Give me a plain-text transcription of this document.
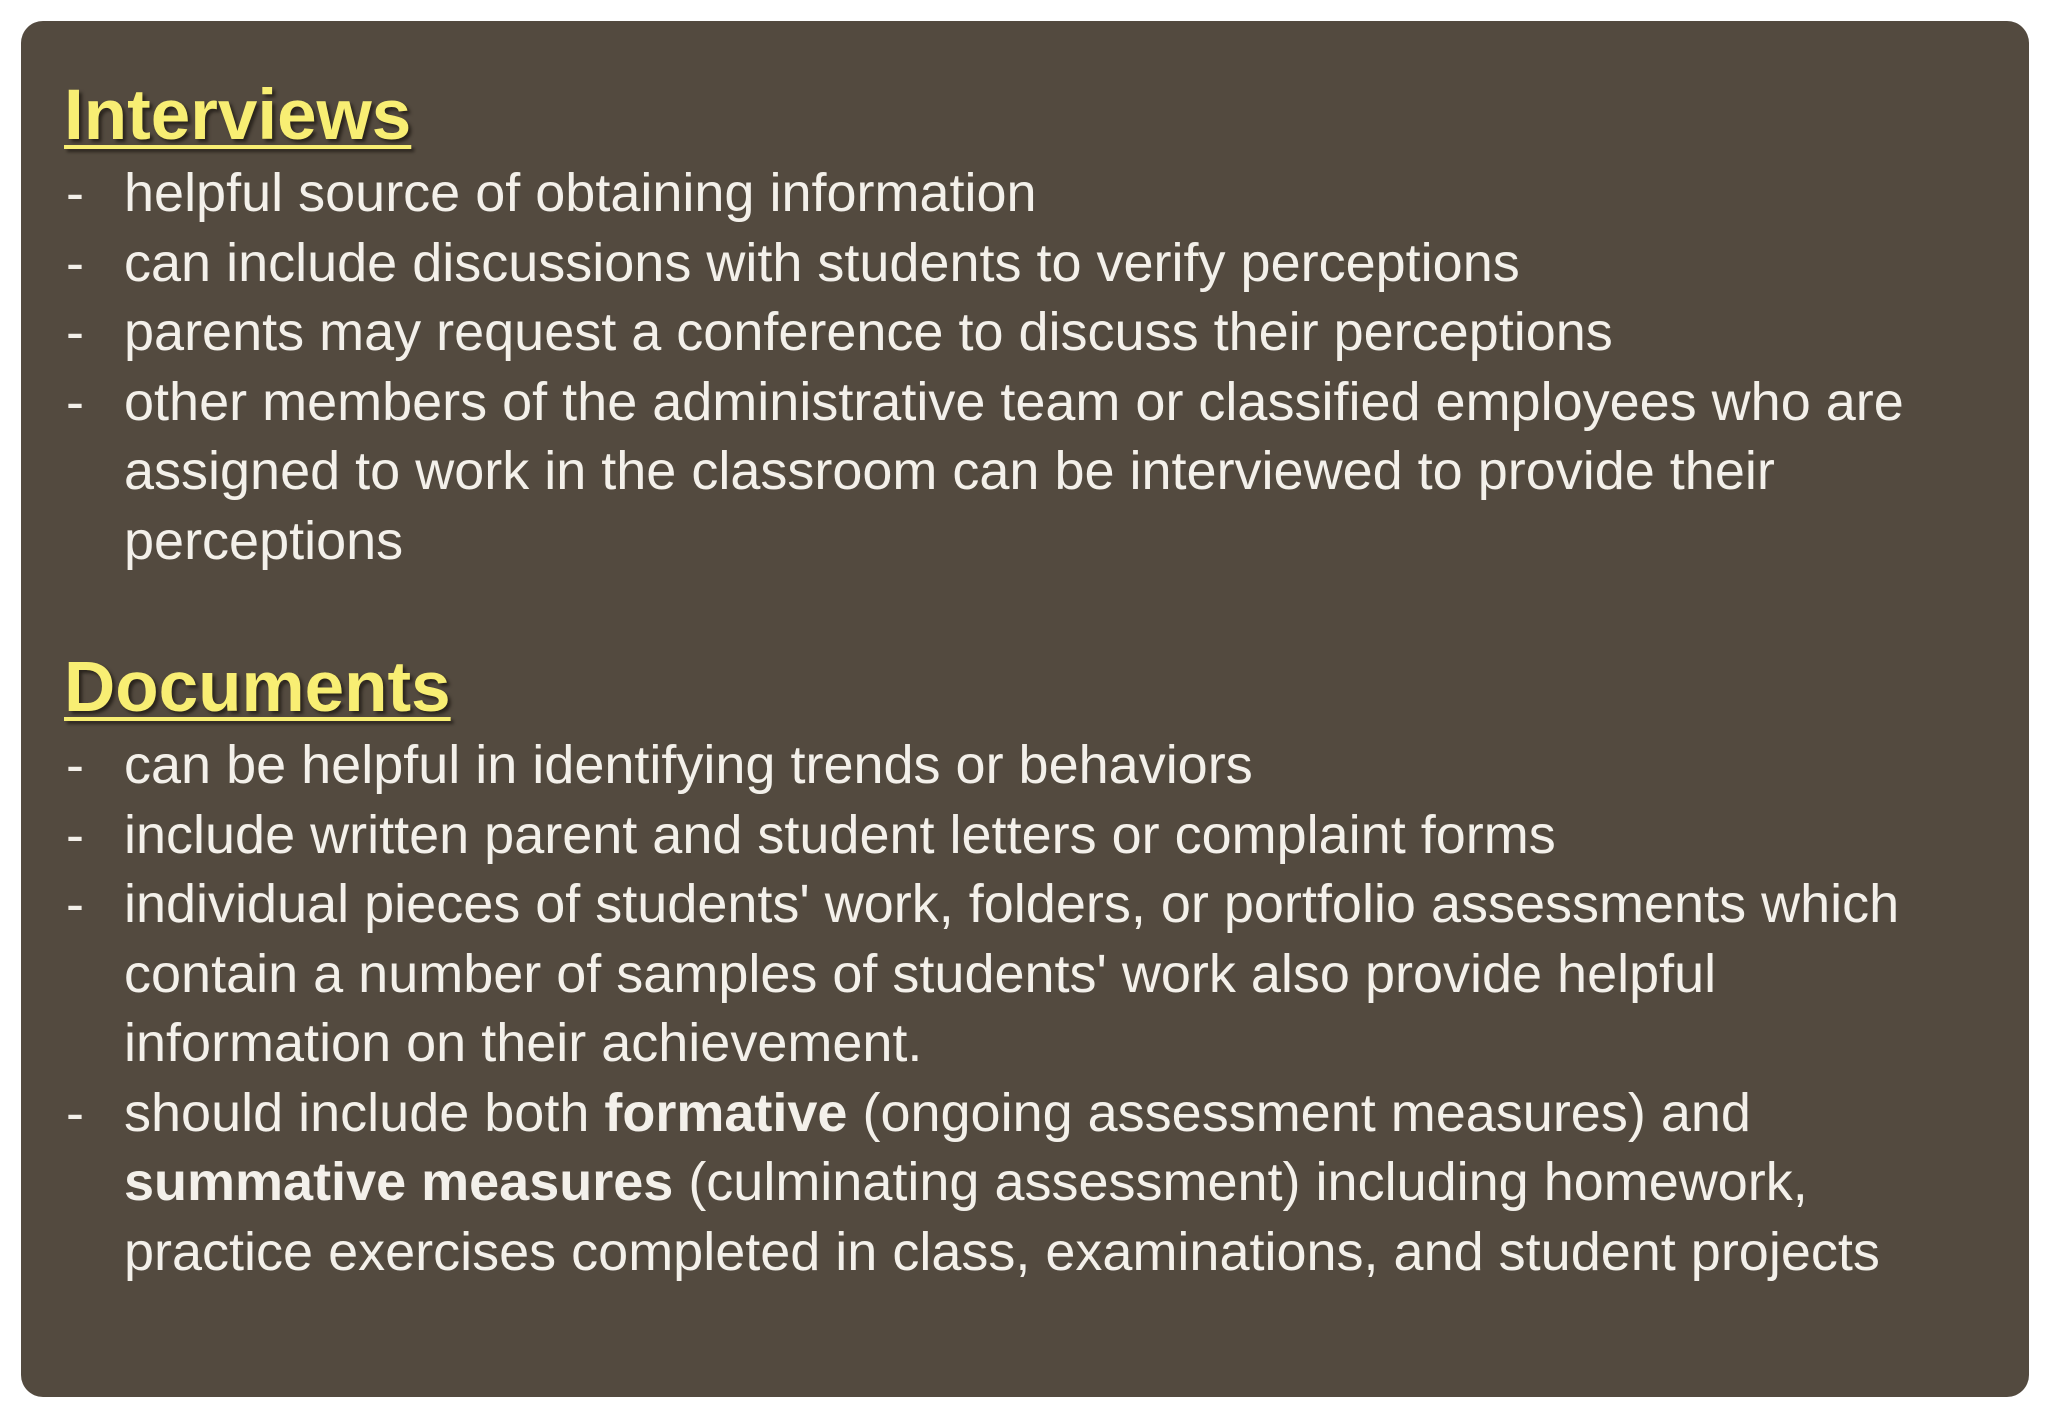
Interviews
- helpful source of obtaining information
- can include discussions with students to verify perceptions
- parents may request a conference to discuss their perceptions
- other members of the administrative team or classified employees who are assigned to work in the classroom can be interviewed to provide their perceptions
Documents
- can be helpful in identifying trends or behaviors
- include written parent and student letters or complaint forms
- individual pieces of students' work, folders, or portfolio assessments which contain a number of samples of students' work also provide helpful information on their achievement.
- should include both formative (ongoing assessment measures) and summative measures (culminating assessment) including homework, practice exercises completed in class, examinations, and student projects
